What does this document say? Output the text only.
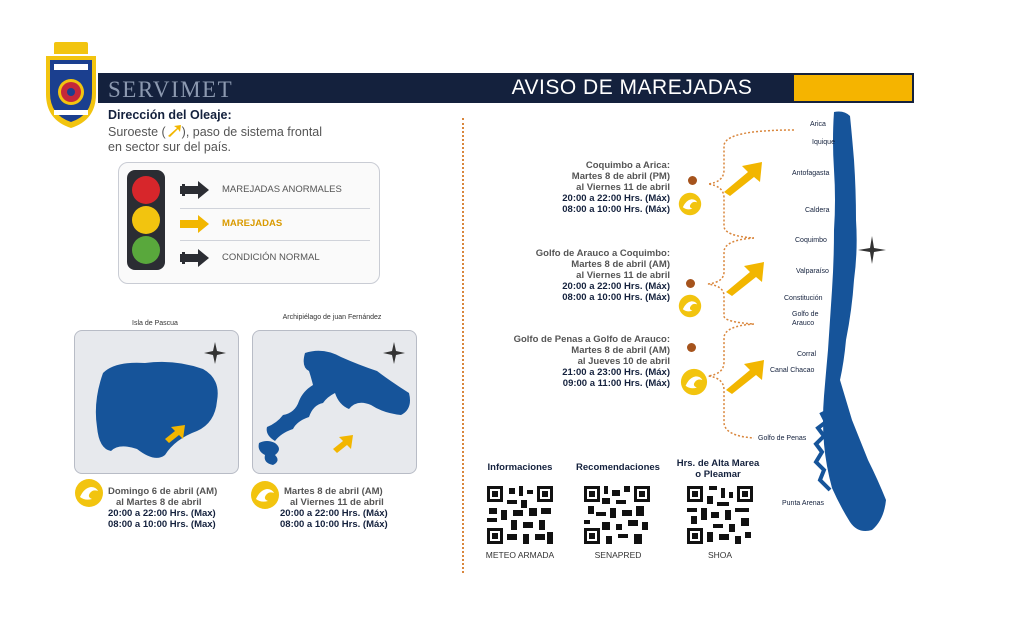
SERVIMET	AVISO DE MAREJADAS
Dirección del Oleaje:
Suroeste ( ), paso de sistema frontal
en sector sur del país.
MAREJADAS ANORMALES
MAREJADAS
CONDICIÓN NORMAL
Isla de Pascua
Domingo 6 de abril (AM)
al Martes 8 de abril
20:00 a 22:00 Hrs. (Max)
08:00 a 10:00 Hrs. (Max)
Archipiélago de juan Fernández
Martes 8 de abril (AM)
al Viernes 11 de abril
20:00 a 22:00 Hrs. (Máx)
08:00 a 10:00 Hrs. (Máx)
Coquimbo a Arica:
Martes 8 de abril (PM)
al Viernes 11 de abril
20:00 a 22:00 Hrs. (Máx)
08:00 a 10:00 Hrs. (Máx)
Golfo de Arauco a Coquimbo:
Martes 8 de abril (AM)
al Viernes 11 de abril
20:00 a 22:00 Hrs. (Máx)
08:00 a 10:00 Hrs. (Máx)
Golfo de Penas a Golfo de Arauco:
Martes 8 de abril (AM)
al Jueves 10 de abril
21:00 a 23:00 Hrs. (Máx)
09:00 a 11:00 Hrs. (Máx)
Arica
Iquique
Antofagasta
Caldera
Coquimbo
Valparaíso
Constitución
Golfo de
Arauco
Corral
Canal Chacao
Golfo de Penas
Punta Arenas
Informaciones	Recomendaciones	Hrs. de Alta Marea
o Pleamar
METEO ARMADA	SENAPRED	SHOA
